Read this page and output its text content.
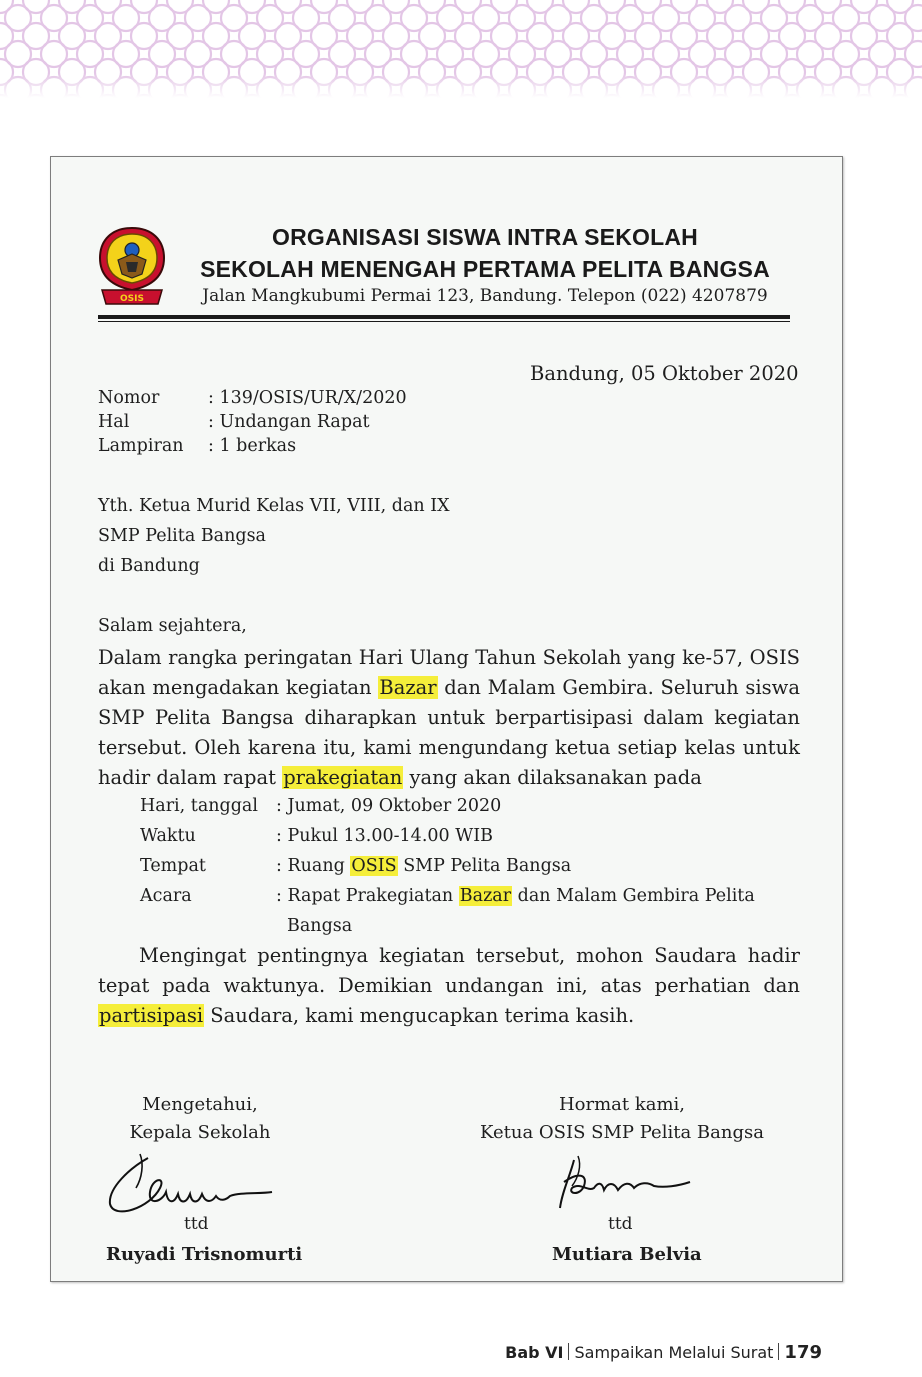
OSIS
ORGANISASI SISWA INTRA SEKOLAH
SEKOLAH MENENGAH PERTAMA PELITA BANGSA
Jalan Mangkubumi Permai 123, Bandung. Telepon (022) 4207879
Bandung, 05 Oktober 2020
Nomor	: 139/OSIS/UR/X/2020
Hal	: Undangan Rapat
Lampiran : 1 berkas
Yth. Ketua Murid Kelas VII, VIII, dan IX
SMP Pelita Bangsa
di Bandung
Salam sejahtera,
Dalam rangka peringatan Hari Ulang Tahun Sekolah yang ke-57, OSIS akan mengadakan kegiatan Bazar dan Malam Gembira. Seluruh siswa SMP Pelita Bangsa diharapkan untuk berpartisipasi dalam kegiatan tersebut. Oleh karena itu, kami mengundang ketua setiap kelas untuk hadir dalam rapat prakegiatan yang akan dilaksanakan pada
Hari, tanggal : Jumat, 09 Oktober 2020
Waktu	: Pukul 13.00-14.00 WIB
Tempat	: Ruang OSIS SMP Pelita Bangsa
Acara	: Rapat Prakegiatan Bazar dan Malam Gembira Pelita
Bangsa
Mengingat pentingnya kegiatan tersebut, mohon Saudara hadir tepat pada waktunya. Demikian undangan ini, atas perhatian dan partisipasi Saudara, kami mengucapkan terima kasih.
Mengetahui,
Kepala Sekolah
ttd
Ruyadi Trisnomurti
Hormat kami,
Ketua OSIS SMP Pelita Bangsa
ttd
Mutiara Belvia
Bab VI Sampaikan Melalui Surat 179
